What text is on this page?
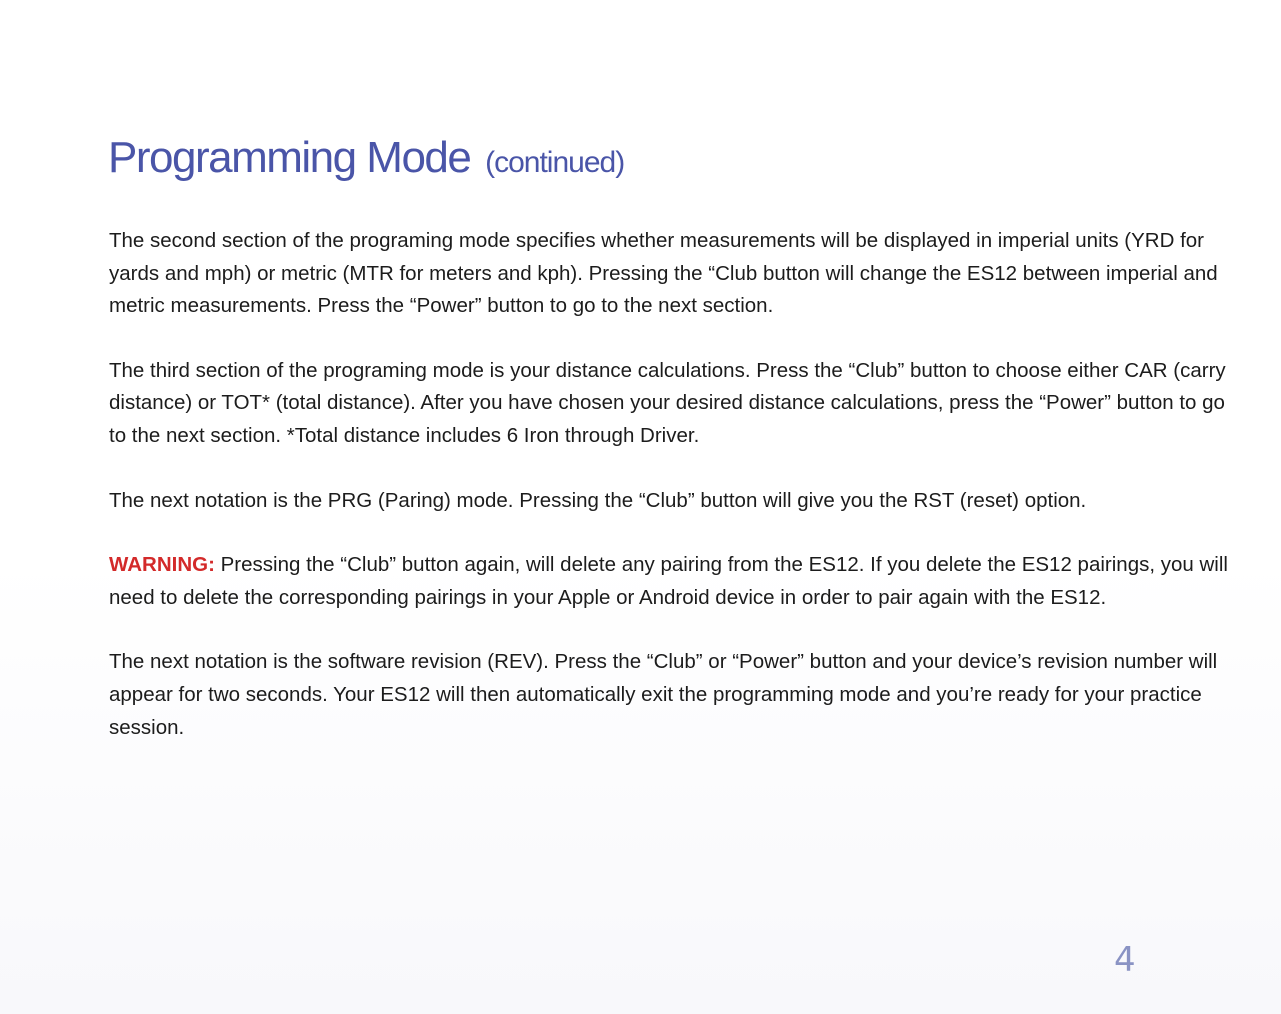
Programming Mode (continued)

The second section of the programing mode specifies whether measurements will be displayed in imperial units (YRD for yards and mph) or metric (MTR for meters and kph). Pressing the “Club button will change the ES12 between imperial and metric measurements. Press the “Power” button to go to the next section.

The third section of the programing mode is your distance calculations. Press the “Club” button to choose either CAR (carry distance) or TOT* (total distance). After you have chosen your desired distance calculations, press the “Power” button to go to the next section. *Total distance includes 6 Iron through Driver.

The next notation is the PRG (Paring) mode. Pressing the “Club” button will give you the RST (reset) option.

WARNING: Pressing the “Club” button again, will delete any pairing from the ES12. If you delete the ES12 pairings, you will need to delete the corresponding pairings in your Apple or Android device in order to pair again with the ES12.

The next notation is the software revision (REV). Press the “Club” or “Power” button and your device’s revision number will appear for two seconds. Your ES12 will then automatically exit the programming mode and you’re ready for your practice session.

4
